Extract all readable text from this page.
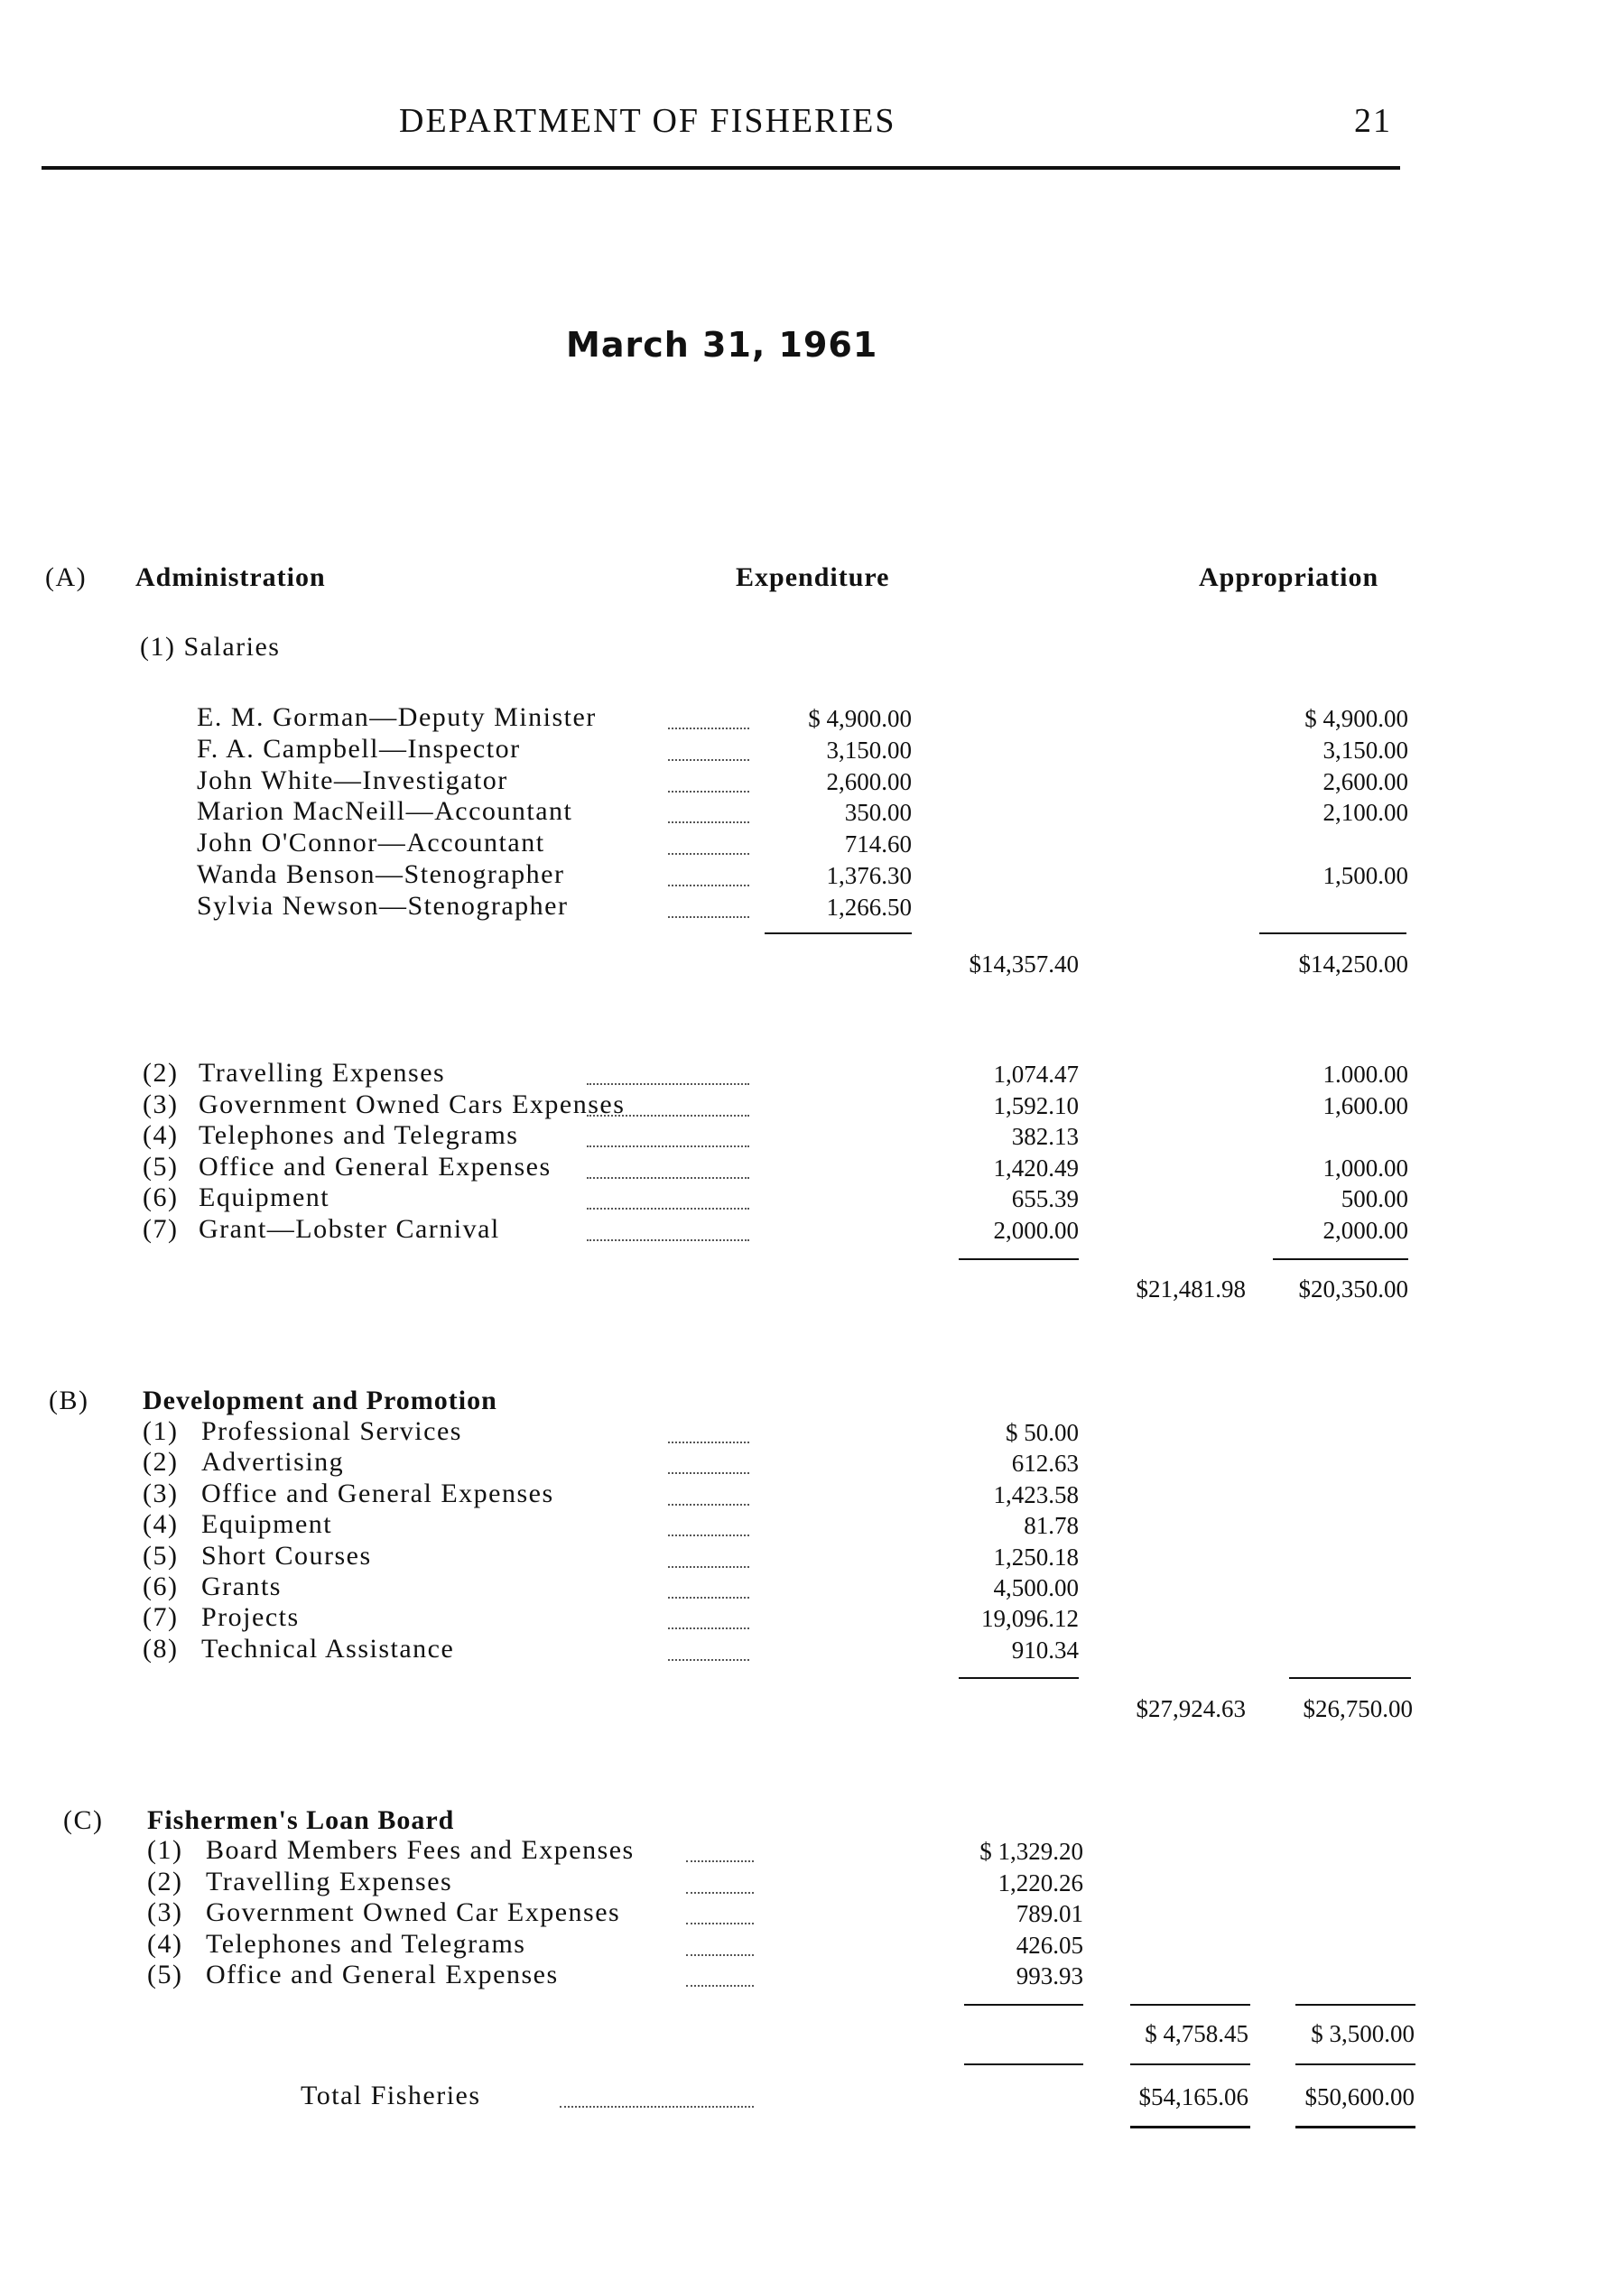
DEPARTMENT OF FISHERIES	21
March 31, 1961
(A) Administration	Expenditure	Appropriation
(1) Salaries
E. M. Gorman—Deputy Minister	$ 4,900.00	$ 4,900.00
F. A. Campbell—Inspector	3,150.00	3,150.00
John White—Investigator	2,600.00	2,600.00
Marion MacNeill—Accountant	350.00	2,100.00
John O'Connor—Accountant	714.60
Wanda Benson—Stenographer	1,376.30	1,500.00
Sylvia Newson—Stenographer	1,266.50
$14,357.40	$14,250.00
(2) Travelling Expenses	1,074.47	1.000.00
(3) Government Owned Cars Expenses	1,592.10	1,600.00
(4) Telephones and Telegrams	382.13
(5) Office and General Expenses	1,420.49	1,000.00
(6) Equipment	655.39	500.00
(7) Grant—Lobster Carnival	2,000.00	2,000.00
$21,481.98	$20,350.00
(B) Development and Promotion
(1) Professional Services	$ 50.00
(2) Advertising	612.63
(3) Office and General Expenses	1,423.58
(4) Equipment	81.78
(5) Short Courses	1,250.18
(6) Grants	4,500.00
(7) Projects	19,096.12
(8) Technical Assistance	910.34
$27,924.63	$26,750.00
(C) Fishermen's Loan Board
(1) Board Members Fees and Expenses	$ 1,329.20
(2) Travelling Expenses	1,220.26
(3) Government Owned Car Expenses	789.01
(4) Telephones and Telegrams	426.05
(5) Office and General Expenses	993.93
$ 4,758.45	$ 3,500.00
Total Fisheries	$54,165.06	$50,600.00
